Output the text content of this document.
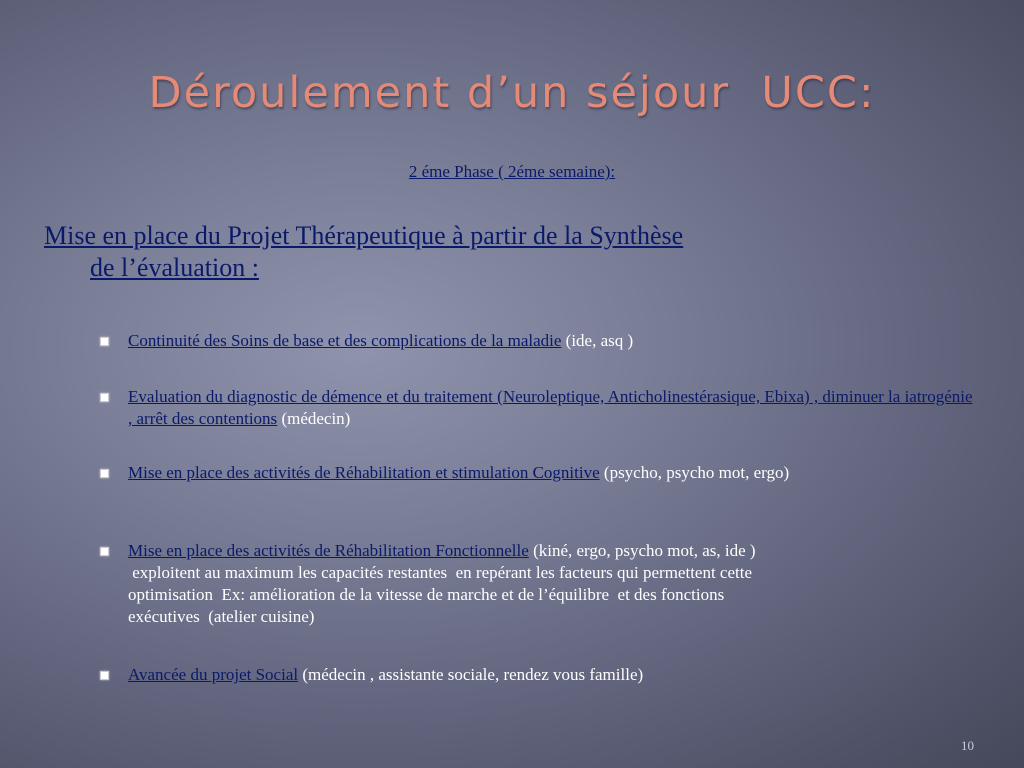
Déroulement d’un séjour  UCC:
2 éme Phase ( 2éme semaine):
Mise en place du Projet Thérapeutique à partir de la Synthèse
de l’évaluation :
Continuité des Soins de base et des complications de la maladie (ide, asq )
Evaluation du diagnostic de démence et du traitement (Neuroleptique, Anticholinestérasique, Ebixa) , diminuer la iatrogénie , arrêt des contentions (médecin)
Mise en place des activités de Réhabilitation et stimulation Cognitive (psycho, psycho mot, ergo)
Mise en place des activités de Réhabilitation Fonctionnelle (kiné, ergo, psycho mot, as, ide )
exploitent au maximum les capacités restantes  en repérant les facteurs qui permettent cette
optimisation  Ex: amélioration de la vitesse de marche et de l’équilibre  et des fonctions
exécutives  (atelier cuisine)
Avancée du projet Social (médecin , assistante sociale, rendez vous famille)
10
